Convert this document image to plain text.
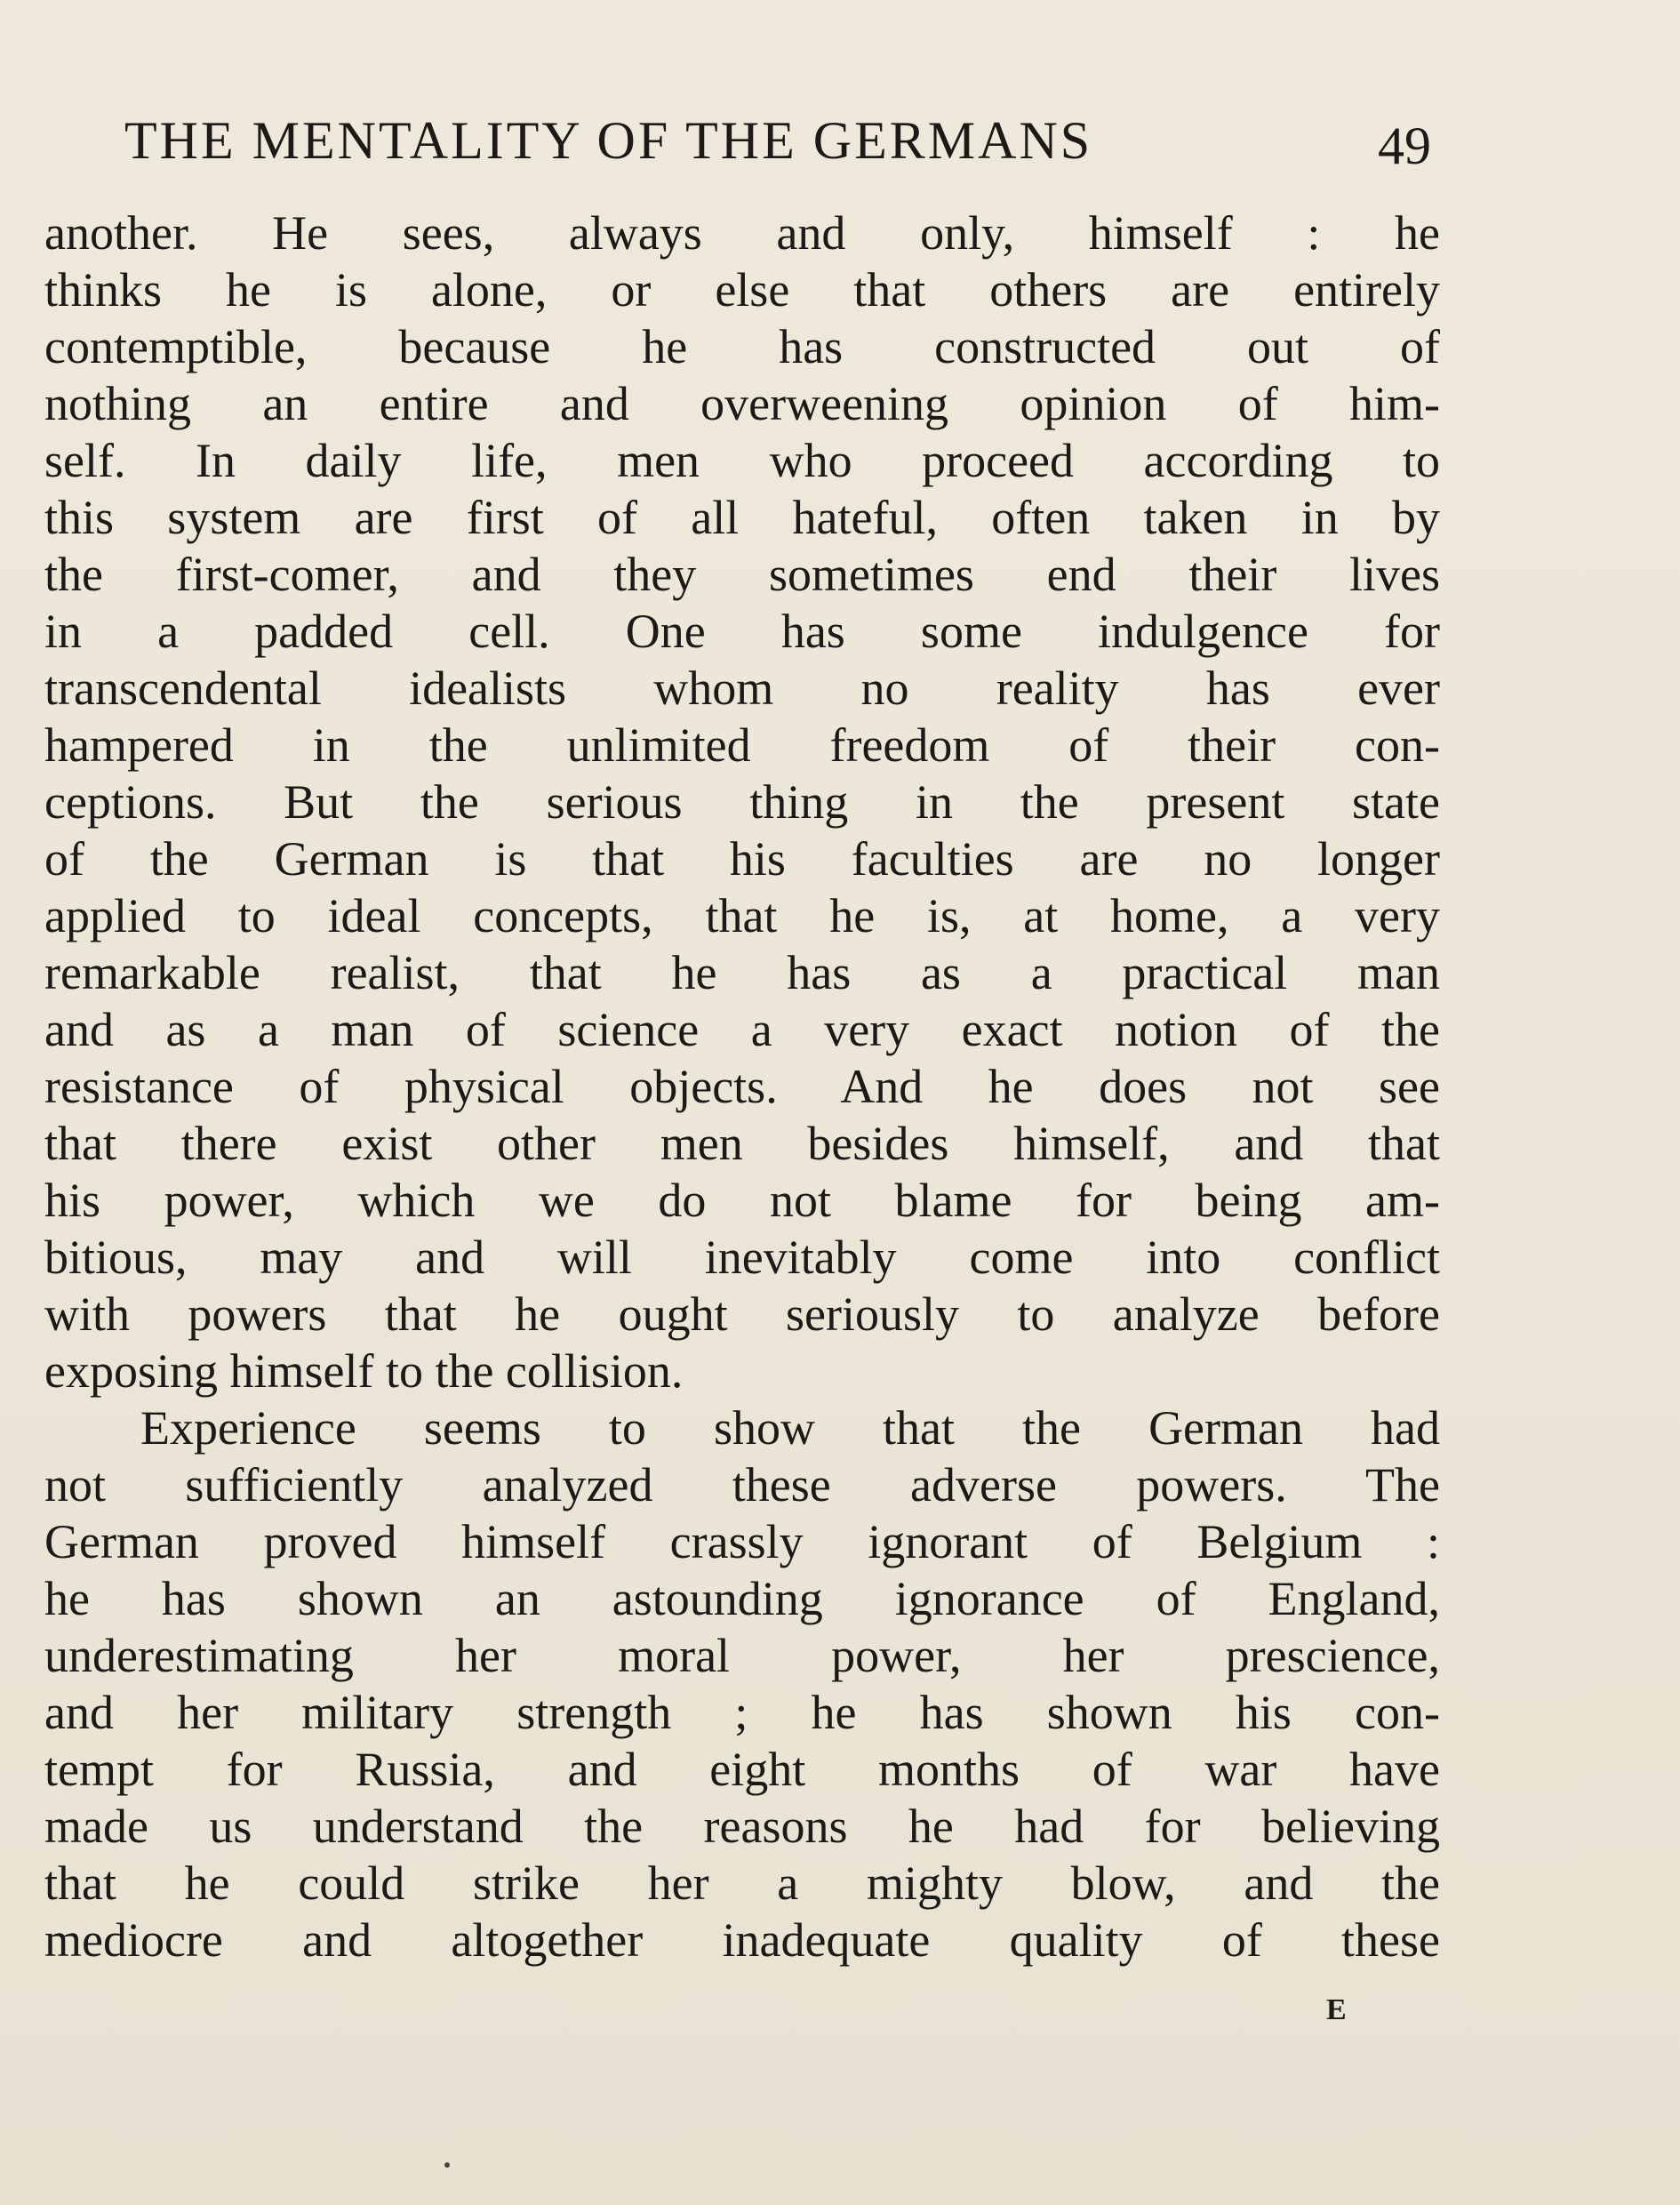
THE MENTALITY OF THE GERMANS	49
another. He sees, always and only, himself : he
thinks he is alone, or else that others are entirely
contemptible, because he has constructed out of
nothing an entire and overweening opinion of him-
self. In daily life, men who proceed according to
this system are first of all hateful, often taken in by
the first-comer, and they sometimes end their lives
in a padded cell. One has some indulgence for
transcendental idealists whom no reality has ever
hampered in the unlimited freedom of their con-
ceptions. But the serious thing in the present state
of the German is that his faculties are no longer
applied to ideal concepts, that he is, at home, a very
remarkable realist, that he has as a practical man
and as a man of science a very exact notion of the
resistance of physical objects. And he does not see
that there exist other men besides himself, and that
his power, which we do not blame for being am-
bitious, may and will inevitably come into conflict
with powers that he ought seriously to analyze before
exposing himself to the collision.
Experience seems to show that the German had
not sufficiently analyzed these adverse powers. The
German proved himself crassly ignorant of Belgium :
he has shown an astounding ignorance of England,
underestimating her moral power, her prescience,
and her military strength ; he has shown his con-
tempt for Russia, and eight months of war have
made us understand the reasons he had for believing
that he could strike her a mighty blow, and the
mediocre and altogether inadequate quality of these
E
